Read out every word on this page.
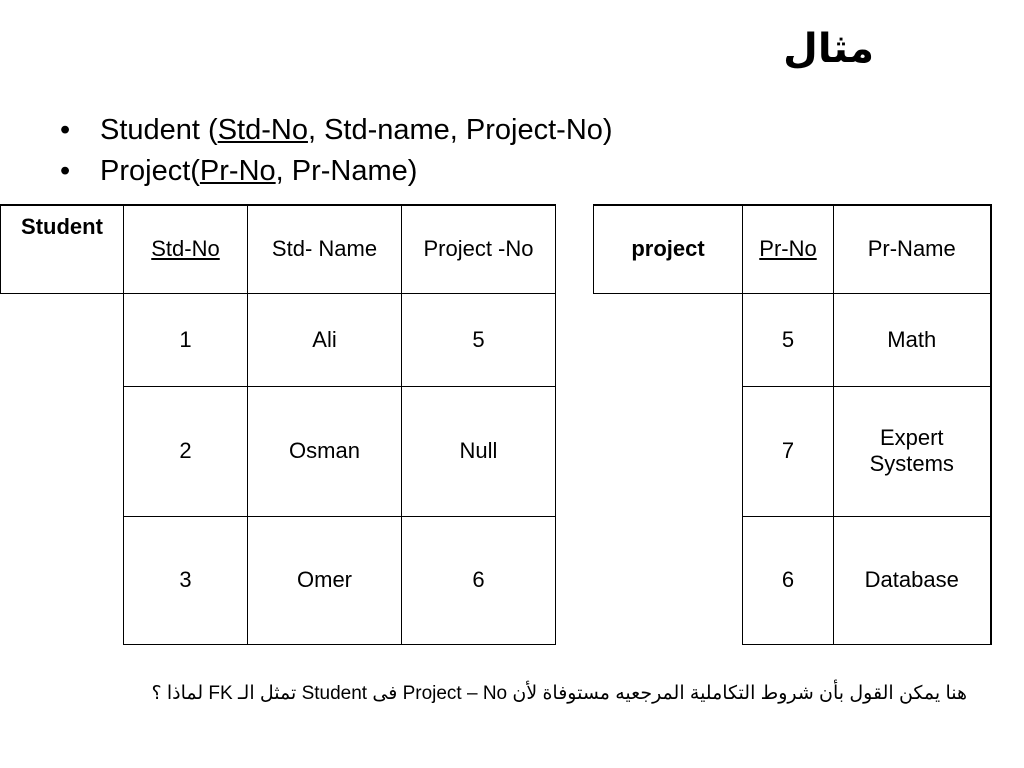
مثال
• Student (Std-No, Std-name, Project-No)
• Project(Pr-No, Pr-Name)
Student	Std-No	Std- Name	Project -No
	1	Ali	5
	2	Osman	Null
	3	Omer	6
project	Pr-No	Pr-Name
	5	Math
	7	Expert Systems
	6	Database
هنا يمكن القول بأن شروط التكاملية المرجعيه مستوفاة لأن Project – No فى Student تمثل الـ FK لماذا ؟
